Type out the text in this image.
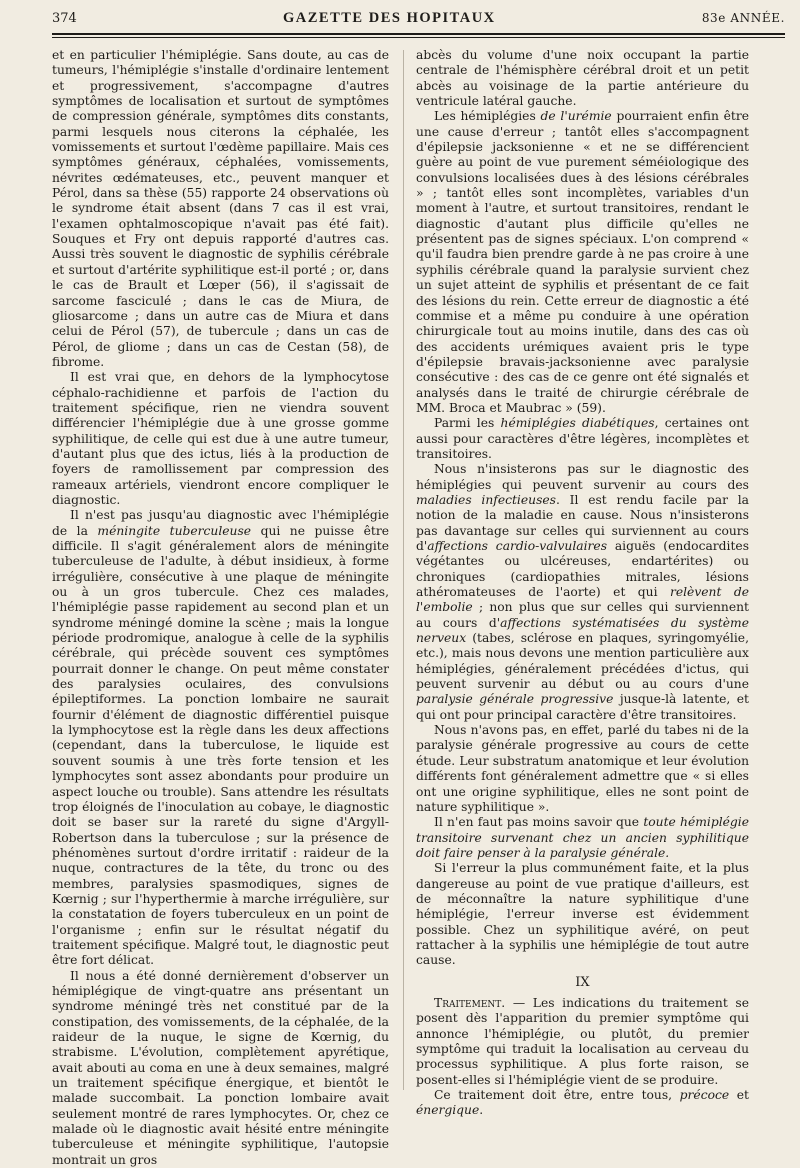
374	GAZETTE DES HOPITAUX	83e ANNÉE.

et en particulier l'hémiplégie. Sans doute, au cas de tumeurs, l'hémiplégie s'installe d'ordinaire lentement et progressivement, s'accompagne d'autres symptômes de localisation et surtout de symptômes de compression générale, symptômes dits constants, parmi lesquels nous citerons la céphalée, les vomissements et surtout l'œdème papillaire. Mais ces symptômes généraux, céphalées, vomissements, névrites œdémateuses, etc., peuvent manquer et Pérol, dans sa thèse (55) rapporte 24 observations où le syndrome était absent (dans 7 cas il est vrai, l'examen ophtalmoscopique n'avait pas été fait). Souques et Fry ont depuis rapporté d'autres cas. Aussi très souvent le diagnostic de syphilis cérébrale et surtout d'artérite syphilitique est-il porté ; or, dans le cas de Brault et Lœper (56), il s'agissait de sarcome fasciculé ; dans le cas de Miura, de gliosarcome ; dans un autre cas de Miura et dans celui de Pérol (57), de tubercule ; dans un cas de Pérol, de gliome ; dans un cas de Cestan (58), de fibrome.

Il est vrai que, en dehors de la lymphocytose céphalo-rachidienne et parfois de l'action du traitement spécifique, rien ne viendra souvent différencier l'hémiplégie due à une grosse gomme syphilitique, de celle qui est due à une autre tumeur, d'autant plus que des ictus, liés à la production de foyers de ramollissement par compression des rameaux artériels, viendront encore compliquer le diagnostic.

Il n'est pas jusqu'au diagnostic avec l'hémiplégie de la méningite tuberculeuse qui ne puisse être difficile. Il s'agit généralement alors de méningite tuberculeuse de l'adulte, à début insidieux, à forme irrégulière, consécutive à une plaque de méningite ou à un gros tubercule. Chez ces malades, l'hémiplégie passe rapidement au second plan et un syndrome méningé domine la scène ; mais la longue période prodromique, analogue à celle de la syphilis cérébrale, qui précède souvent ces symptômes pourrait donner le change. On peut même constater des paralysies oculaires, des convulsions épileptiformes. La ponction lombaire ne saurait fournir d'élément de diagnostic différentiel puisque la lymphocytose est la règle dans les deux affections (cependant, dans la tuberculose, le liquide est souvent soumis à une très forte tension et les lymphocytes sont assez abondants pour produire un aspect louche ou trouble). Sans attendre les résultats trop éloignés de l'inoculation au cobaye, le diagnostic doit se baser sur la rareté du signe d'Argyll-Robertson dans la tuberculose ; sur la présence de phénomènes surtout d'ordre irritatif : raideur de la nuque, contractures de la tête, du tronc ou des membres, paralysies spasmodiques, signes de Kœrnig ; sur l'hyperthermie à marche irrégulière, sur la constatation de foyers tuberculeux en un point de l'organisme ; enfin sur le résultat négatif du traitement spécifique. Malgré tout, le diagnostic peut être fort délicat.

Il nous a été donné dernièrement d'observer un hémiplégique de vingt-quatre ans présentant un syndrome méningé très net constitué par de la constipation, des vomissements, de la céphalée, de la raideur de la nuque, le signe de Kœrnig, du strabisme. L'évolution, complètement apyrétique, avait abouti au coma en une à deux semaines, malgré un traitement spécifique énergique, et bientôt le malade succombait. La ponction lombaire avait seulement montré de rares lymphocytes. Or, chez ce malade où le diagnostic avait hésité entre méningite tuberculeuse et méningite syphilitique, l'autopsie montrait un gros

abcès du volume d'une noix occupant la partie centrale de l'hémisphère cérébral droit et un petit abcès au voisinage de la partie antérieure du ventricule latéral gauche.

Les hémiplégies de l'urémie pourraient enfin être une cause d'erreur ; tantôt elles s'accompagnent d'épilepsie jacksonienne « et ne se différencient guère au point de vue purement séméiologique des convulsions localisées dues à des lésions cérébrales » ; tantôt elles sont incomplètes, variables d'un moment à l'autre, et surtout transitoires, rendant le diagnostic d'autant plus difficile qu'elles ne présentent pas de signes spéciaux. L'on comprend « qu'il faudra bien prendre garde à ne pas croire à une syphilis cérébrale quand la paralysie survient chez un sujet atteint de syphilis et présentant de ce fait des lésions du rein. Cette erreur de diagnostic a été commise et a même pu conduire à une opération chirurgicale tout au moins inutile, dans des cas où des accidents urémiques avaient pris le type d'épilepsie bravais-jacksonienne avec paralysie consécutive : des cas de ce genre ont été signalés et analysés dans le traité de chirurgie cérébrale de MM. Broca et Maubrac » (59).

Parmi les hémiplégies diabétiques, certaines ont aussi pour caractères d'être légères, incomplètes et transitoires.

Nous n'insisterons pas sur le diagnostic des hémiplégies qui peuvent survenir au cours des maladies infectieuses. Il est rendu facile par la notion de la maladie en cause. Nous n'insisterons pas davantage sur celles qui surviennent au cours d'affections cardio-valvulaires aiguës (endocardites végétantes ou ulcéreuses, endartérites) ou chroniques (cardiopathies mitrales, lésions athéromateuses de l'aorte) et qui relèvent de l'embolie ; non plus que sur celles qui surviennent au cours d'affections systématisées du système nerveux (tabes, sclérose en plaques, syringomyélie, etc.), mais nous devons une mention particulière aux hémiplégies, généralement précédées d'ictus, qui peuvent survenir au début ou au cours d'une paralysie générale progressive jusque-là latente, et qui ont pour principal caractère d'être transitoires.

Nous n'avons pas, en effet, parlé du tabes ni de la paralysie générale progressive au cours de cette étude. Leur substratum anatomique et leur évolution différents font généralement admettre que « si elles ont une origine syphilitique, elles ne sont point de nature syphilitique ».

Il n'en faut pas moins savoir que toute hémiplégie transitoire survenant chez un ancien syphilitique doit faire penser à la paralysie générale.

Si l'erreur la plus communément faite, et la plus dangereuse au point de vue pratique d'ailleurs, est de méconnaître la nature syphilitique d'une hémiplégie, l'erreur inverse est évidemment possible. Chez un syphilitique avéré, on peut rattacher à la syphilis une hémiplégie de tout autre cause.

IX

Traitement. — Les indications du traitement se posent dès l'apparition du premier symptôme qui annonce l'hémiplégie, ou plutôt, du premier symptôme qui traduit la localisation au cerveau du processus syphilitique. A plus forte raison, se posent-elles si l'hémiplégie vient de se produire.

Ce traitement doit être, entre tous, précoce et énergique.
